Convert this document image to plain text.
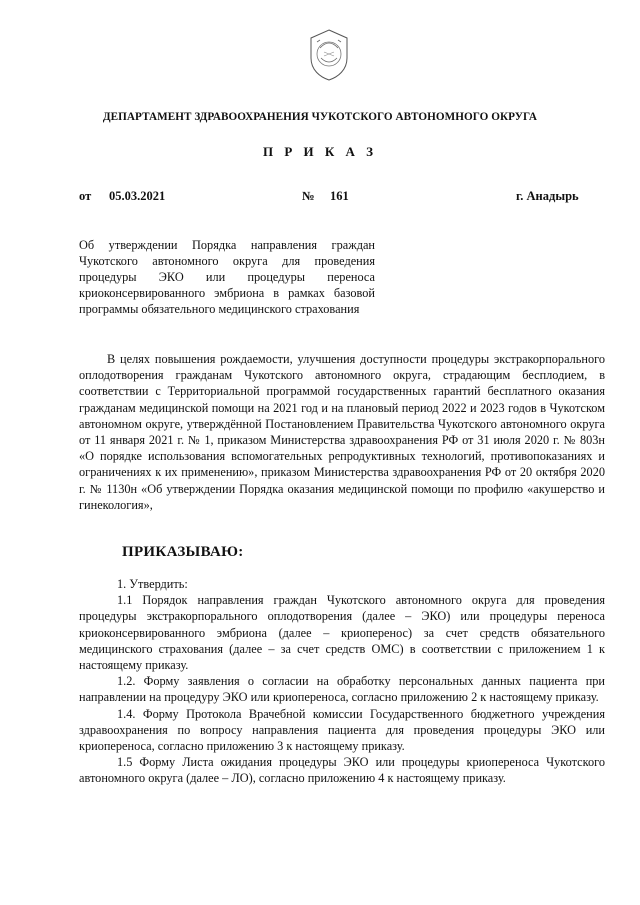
ДЕПАРТАМЕНТ ЗДРАВООХРАНЕНИЯ ЧУКОТСКОГО АВТОНОМНОГО ОКРУГА
П Р И К А З
от 05.03.2021	№ 161	г. Анадырь
Об утверждении Порядка направления граждан Чукотского автономного округа для проведения процедуры ЭКО или процедуры переноса криоконсервированного эмбриона в рамках базовой программы обязательного медицинского страхования
В целях повышения рождаемости, улучшения доступности процедуры экстракорпорального оплодотворения гражданам Чукотского автономного округа, страдающим бесплодием, в соответствии с Территориальной программой государственных гарантий бесплатного оказания гражданам медицинской помощи на 2021 год и на плановый период 2022 и 2023 годов в Чукотском автономном округе, утверждённой Постановлением Правительства Чукотского автономного округа от 11 января 2021 г. № 1, приказом Министерства здравоохранения РФ от 31 июля 2020 г. № 803н «О порядке использования вспомогательных репродуктивных технологий, противопоказаниях и ограничениях к их применению», приказом Министерства здравоохранения РФ от 20 октября 2020 г. № 1130н «Об утверждении Порядка оказания медицинской помощи по профилю «акушерство и гинекология»,
ПРИКАЗЫВАЮ:

1. Утвердить:

1.1 Порядок направления граждан Чукотского автономного округа для проведения процедуры экстракорпорального оплодотворения (далее – ЭКО) или процедуры переноса криоконсервированного эмбриона (далее – криоперенос) за счет средств обязательного медицинского страхования (далее – за счет средств ОМС) в соответствии с приложением 1 к настоящему приказу.

1.2. Форму заявления о согласии на обработку персональных данных пациента при направлении на процедуру ЭКО или криопереноса, согласно приложению 2 к настоящему приказу.

1.4. Форму Протокола Врачебной комиссии Государственного бюджетного учреждения здравоохранения по вопросу направления пациента для проведения процедуры ЭКО или криопереноса, согласно приложению 3 к настоящему приказу.

1.5 Форму Листа ожидания процедуры ЭКО или процедуры криопереноса Чукотского автономного округа (далее – ЛО), согласно приложению 4 к настоящему приказу.
